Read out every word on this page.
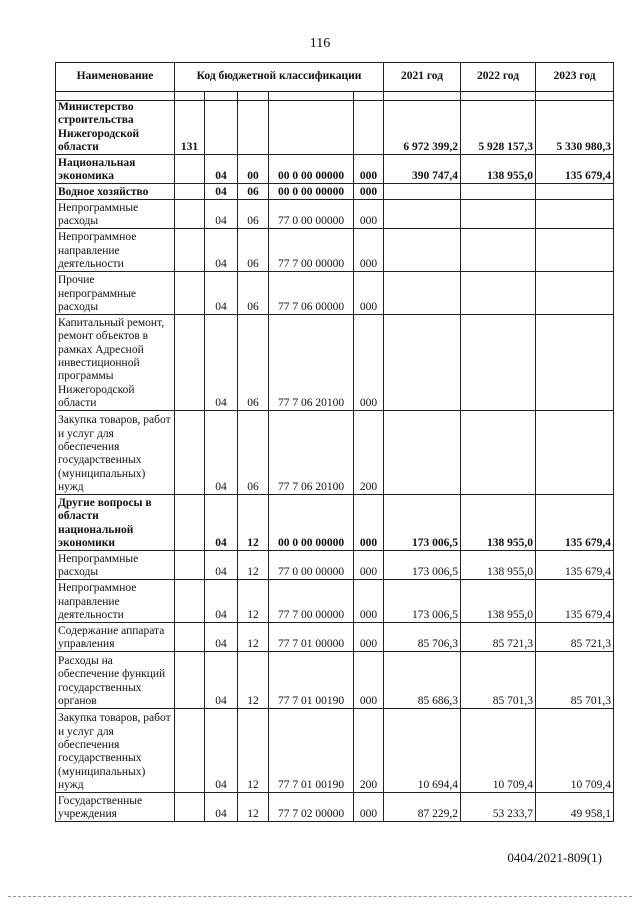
116
Наименование	Код бюджетной классификации					2021 год	2022 год	2023 год

Министерство строительства Нижегородской области	131					6 972 399,2	5 928 157,3	5 330 980,3
Национальная экономика		04	00	00 0 00 00000	000	390 747,4	138 955,0	135 679,4
Водное хозяйство		04	06	00 0 00 00000	000			
Непрограммные расходы		04	06	77 0 00 00000	000			
Непрограммное направление деятельности		04	06	77 7 00 00000	000			
Прочие непрограммные расходы		04	06	77 7 06 00000	000			
Капитальный ремонт, ремонт объектов в рамках Адресной инвестиционной программы Нижегородской области		04	06	77 7 06 20100	000			
Закупка товаров, работ и услуг для обеспечения государственных (муниципальных) нужд		04	06	77 7 06 20100	200			
Другие вопросы в области национальной экономики		04	12	00 0 00 00000	000	173 006,5	138 955,0	135 679,4
Непрограммные расходы		04	12	77 0 00 00000	000	173 006,5	138 955,0	135 679,4
Непрограммное направление деятельности		04	12	77 7 00 00000	000	173 006,5	138 955,0	135 679,4
Содержание аппарата управления		04	12	77 7 01 00000	000	85 706,3	85 721,3	85 721,3
Расходы на обеспечение функций государственных органов		04	12	77 7 01 00190	000	85 686,3	85 701,3	85 701,3
Закупка товаров, работ и услуг для обеспечения государственных (муниципальных) нужд		04	12	77 7 01 00190	200	10 694,4	10 709,4	10 709,4
Государственные учреждения		04	12	77 7 02 00000	000	87 229,2	53 233,7	49 958,1
0404/2021-809(1)
